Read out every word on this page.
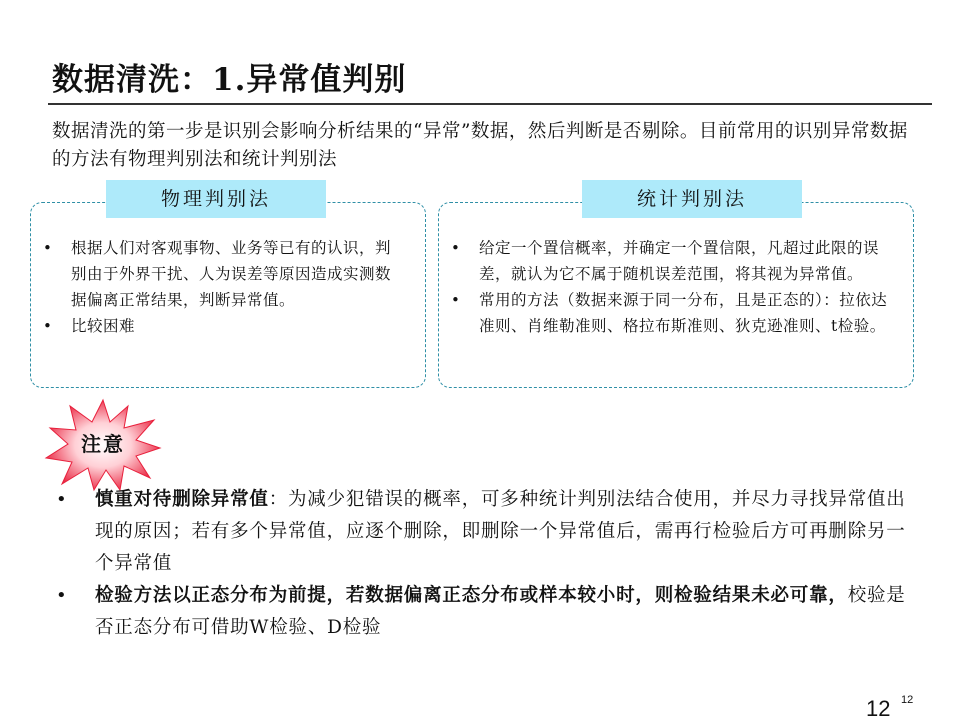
数据清洗：1.异常值判别
数据清洗的第一步是识别会影响分析结果的“异常”数据，然后判断是否剔除。目前常用的识别异常数据的方法有物理判别法和统计判别法
• 根据人们对客观事物、业务等已有的认识，判别由于外界干扰、人为误差等原因造成实测数据偏离正常结果，判断异常值。
• 比较困难
物理判别法
• 给定一个置信概率，并确定一个置信限，凡超过此限的误差，就认为它不属于随机误差范围，将其视为异常值。
• 常用的方法（数据来源于同一分布，且是正态的）：拉依达准则、肖维勒准则、格拉布斯准则、狄克逊准则、t检验。
统计判别法
注意
• 慎重对待删除异常值：为减少犯错误的概率，可多种统计判别法结合使用，并尽力寻找异常值出现的原因；若有多个异常值，应逐个删除，即删除一个异常值后，需再行检验后方可再删除另一个异常值
• 检验方法以正态分布为前提，若数据偏离正态分布或样本较小时，则检验结果未必可靠，校验是否正态分布可借助W检验、D检验
12 12
